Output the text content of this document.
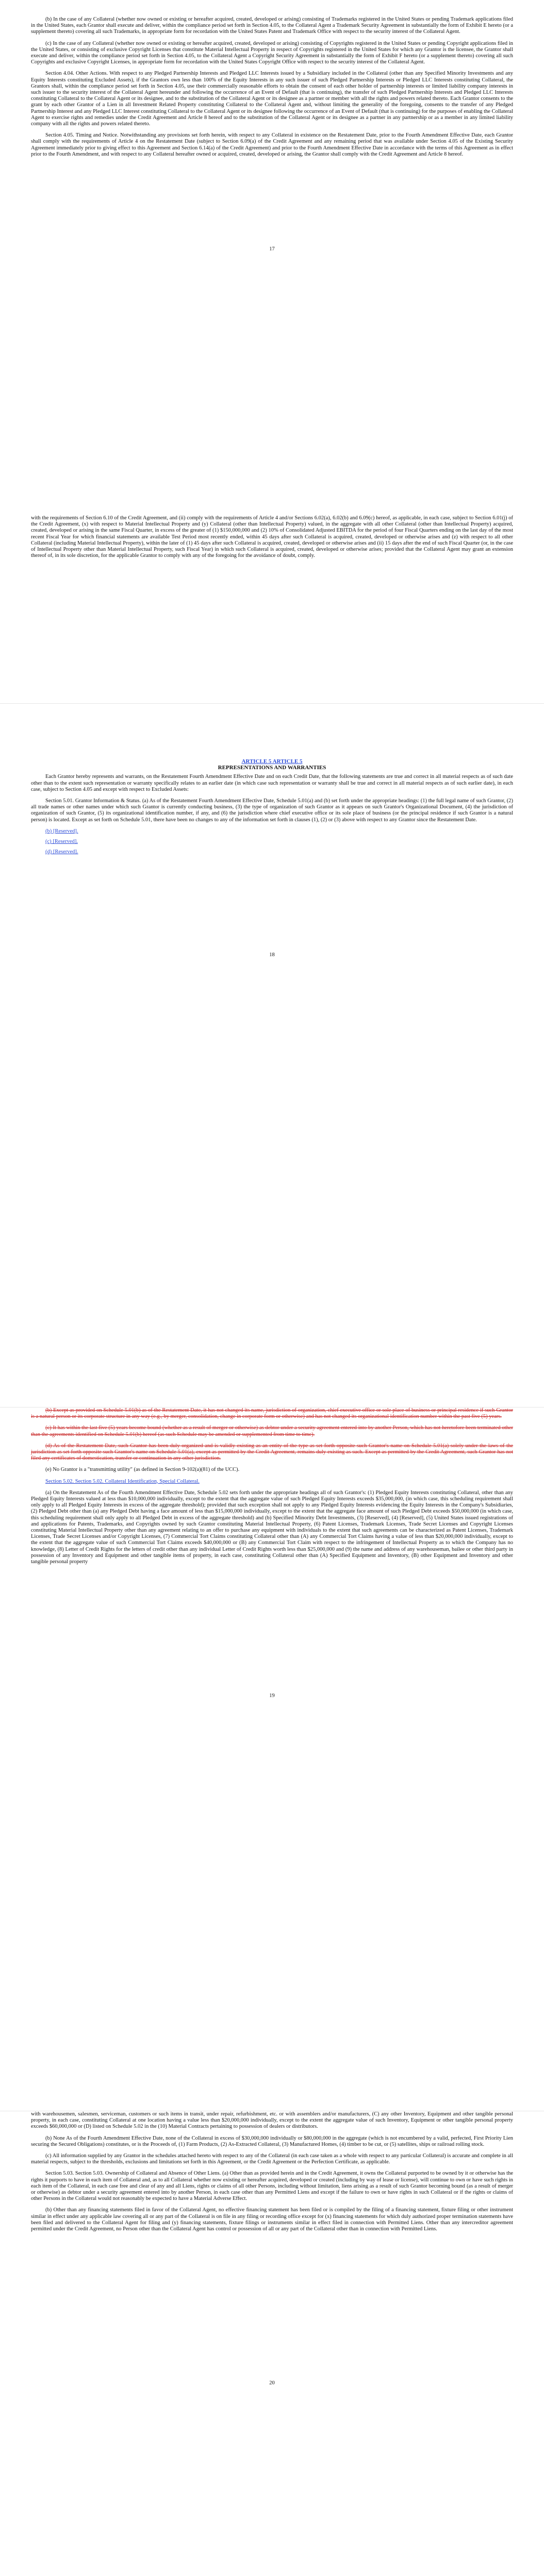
(b) In the case of any Collateral (whether now owned or existing or hereafter acquired, created, developed or arising) consisting of Trademarks registered in the United States or pending Trademark applications filed in the United States, each Grantor shall execute and deliver, within the compliance period set forth in Section 4.05, to the Collateral Agent a Trademark Security Agreement in substantially the form of Exhibit E hereto (or a supplement thereto) covering all such Trademarks, in appropriate form for recordation with the United States Patent and Trademark Office with respect to the security interest of the Collateral Agent.

(c) In the case of any Collateral (whether now owned or existing or hereafter acquired, created, developed or arising) consisting of Copyrights registered in the United States or pending Copyright applications filed in the United States, or consisting of exclusive Copyright Licenses that constitute Material Intellectual Property in respect of Copyrights registered in the United States for which any Grantor is the licensee, the Grantor shall execute and deliver, within the compliance period set forth in Section 4.05, to the Collateral Agent a Copyright Security Agreement in substantially the form of Exhibit F hereto (or a supplement thereto) covering all such Copyrights and exclusive Copyright Licenses, in appropriate form for recordation with the United States Copyright Office with respect to the security interest of the Collateral Agent.

Section 4.04. Other Actions. With respect to any Pledged Partnership Interests and Pledged LLC Interests issued by a Subsidiary included in the Collateral (other than any Specified Minority Investments and any Equity Interests constituting Excluded Assets), if the Grantors own less than 100% of the Equity Interests in any such issuer of such Pledged Partnership Interests or Pledged LLC Interests constituting Collateral, the Grantors shall, within the compliance period set forth in Section 4.05, use their commercially reasonable efforts to obtain the consent of each other holder of partnership interests or limited liability company interests in such issuer to the security interest of the Collateral Agent hereunder and following the occurrence of an Event of Default (that is continuing), the transfer of such Pledged Partnership Interests and Pledged LLC Interests constituting Collateral to the Collateral Agent or its designee, and to the substitution of the Collateral Agent or its designee as a partner or member with all the rights and powers related thereto. Each Grantor consents to the grant by each other Grantor of a Lien in all Investment Related Property constituting Collateral to the Collateral Agent and, without limiting the generality of the foregoing, consents to the transfer of any Pledged Partnership Interest and any Pledged LLC Interest constituting Collateral to the Collateral Agent or its designee following the occurrence of an Event of Default (that is continuing) for the purposes of enabling the Collateral Agent to exercise rights and remedies under the Credit Agreement and Article 8 hereof and to the substitution of the Collateral Agent or its designee as a partner in any partnership or as a member in any limited liability company with all the rights and powers related thereto.

Section 4.05. Timing and Notice. Notwithstanding any provisions set forth herein, with respect to any Collateral in existence on the Restatement Date, prior to the Fourth Amendment Effective Date, each Grantor shall comply with the requirements of Article 4 on the Restatement Date (subject to Section 6.09(a) of the Credit Agreement and any remaining period that was available under Section 4.05 of the Existing Security Agreement immediately prior to giving effect to this Agreement and Section 6.14(a) of the Credit Agreement) and prior to the Fourth Amendment Effective Date in accordance with the terms of this Agreement as in effect prior to the Fourth Amendment, and with respect to any Collateral hereafter owned or acquired, created, developed or arising, the Grantor shall comply with the Credit Agreement and Article 8 hereof.

17

with the requirements of Section 6.10 of the Credit Agreement, and (ii) comply with the requirements of Article 4 and/or Sections 6.02(a), 6.02(b) and 6.09(c) hereof, as applicable, in each case, subject to Section 6.01(j) of the Credit Agreement, (x) with respect to Material Intellectual Property and (y) Collateral (other than Intellectual Property) valued, in the aggregate with all other Collateral (other than Intellectual Property) acquired, created, developed or arising in the same Fiscal Quarter, in excess of the greater of (1) $150,000,000 and (2) 10% of Consolidated Adjusted EBITDA for the period of four Fiscal Quarters ending on the last day of the most recent Fiscal Year for which financial statements are available Test Period most recently ended, within 45 days after such Collateral is acquired, created, developed or otherwise arises and (z) with respect to all other Collateral (including Material Intellectual Property), within the later of (1) 45 days after such Collateral is acquired, created, developed or otherwise arises and (ii) 15 days after the end of such Fiscal Quarter (or, in the case of Intellectual Property other than Material Intellectual Property, such Fiscal Year) in which such Collateral is acquired, created, developed or otherwise arises; provided that the Collateral Agent may grant an extension thereof of, in its sole discretion, for the applicable Grantor to comply with any of the foregoing for the avoidance of doubt, comply.

ARTICLE 5 ARTICLE 5
REPRESENTATIONS AND WARRANTIES

Each Grantor hereby represents and warrants, on the Restatement Fourth Amendment Effective Date and on each Credit Date, that the following statements are true and correct in all material respects as of such date other than to the extent such representation or warranty specifically relates to an earlier date (in which case such representation or warranty shall be true and correct in all material respects as of such earlier date), in each case, subject to Section 4.05 and except with respect to Excluded Assets:

Section 5.01. Grantor Information & Status. (a) As of the Restatement Fourth Amendment Effective Date, Schedule 5.01(a) and (b) set forth under the appropriate headings: (1) the full legal name of such Grantor, (2) all trade names or other names under which such Grantor is currently conducting business, (3) the type of organization of such Grantor as it appears on such Grantor's Organizational Document, (4) the jurisdiction of organization of such Grantor, (5) its organizational identification number, if any, and (6) the jurisdiction where chief executive office or its sole place of business (or the principal residence if such Grantor is a natural person) is located. Except as set forth on Schedule 5.01, there have been no changes to any of the information set forth in clauses (1), (2) or (3) above with respect to any Grantor since the Restatement Date.

(b) [Reserved].
(c) [Reserved].
(d) [Reserved].
18

(b) Except as provided on Schedule 5.01(b) as of the Restatement Date, it has not changed its name, jurisdiction of organization, chief executive office or sole place of business or principal residence if such Grantor is a natural person or its corporate structure in any way (e.g., by merger, consolidation, change in corporate form or otherwise) and has not changed its organizational identification number within the past five (5) years.

(c) It has within the last five (5) years become bound (whether as a result of merger or otherwise) as debtor under a security agreement entered into by another Person, which has not heretofore been terminated other than the agreements identified on Schedule 5.01(b) hereof (as such Schedule may be amended or supplemented from time to time).

(d) As of the Restatement Date, such Grantor has been duly organized and is validly existing as an entity of the type as set forth opposite such Grantor's name on Schedule 5.01(a) solely under the laws of the jurisdiction as set forth opposite such Grantor's name on Schedule 5.01(a), except as permitted by the Credit Agreement, remains duly existing as such. Except as permitted by the Credit Agreement, such Grantor has not filed any certificates of domestication, transfer or continuation in any other jurisdiction.

(e) No Grantor is a "transmitting utility" (as defined in Section 9-102(a)(81) of the UCC).

Section 5.02. Section 5.02. Collateral Identification, Special Collateral.

(a) On the Restatement As of the Fourth Amendment Effective Date, Schedule 5.02 sets forth under the appropriate headings all of such Grantor's: (1) Pledged Equity Interests constituting Collateral, other than any Pledged Equity Interests valued at less than $10,000,000 individually, except to the extent that the aggregate value of such Pledged Equity Interests exceeds $35,000,000, (in which case, this scheduling requirement shall only apply to all Pledged Equity Interests in excess of the aggregate threshold); provided that such exception shall not apply to any Pledged Equity Interests evidencing the Equity Interests in the Company's Subsidiaries, (2) Pledged Debt other than (a) any Pledged Debt having a face amount of less than $15,000,000 individually, except to the extent that the aggregate face amount of such Pledged Debt exceeds $50,000,000 (in which case, this scheduling requirement shall only apply to all Pledged Debt in excess of the aggregate threshold) and (b) Specified Minority Debt Investments, (3) [Reserved], (4) [Reserved], (5) United States issued registrations of and applications for Patents, Trademarks, and Copyrights owned by such Grantor constituting Material Intellectual Property, (6) Patent Licenses, Trademark Licenses, Trade Secret Licenses and Copyright Licenses constituting Material Intellectual Property other than any agreement relating to an offer to purchase any equipment with individuals to the extent that such agreements can be characterized as Patent Licenses, Trademark Licenses, Trade Secret Licenses and/or Copyright Licenses, (7) Commercial Tort Claims constituting Collateral other than (A) any Commercial Tort Claims having a value of less than $20,000,000 individually, except to the extent that the aggregate value of such Commercial Tort Claims exceeds $40,000,000 or (B) any Commercial Tort Claim with respect to the infringement of Intellectual Property as to which the Company has no knowledge, (8) Letter of Credit Rights for the letters of credit other than any individual Letter of Credit Rights worth less than $25,000,000 and (9) the name and address of any warehouseman, bailee or other third party in possession of any Inventory and Equipment and other tangible items of property, in each case, constituting Collateral other than (A) Specified Equipment and Inventory, (B) other Equipment and Inventory and other tangible personal property

19

with warehousemen, salesmen, serviceman, customers or such items in transit, under repair, refurbishment, etc. or with assemblers and/or manufacturers, (C) any other Inventory, Equipment and other tangible personal property, in each case, constituting Collateral at one location having a value less than $20,000,000 individually, except to the extent the aggregate value of such Inventory, Equipment or other tangible personal property exceeds $60,000,000 or (D) listed on Schedule 5.02 in the (10) Material Contracts pertaining to possession of dealers or distributors.

(b) None As of the Fourth Amendment Effective Date, none of the Collateral in excess of $30,000,000 individually or $80,000,000 in the aggregate (which is not encumbered by a valid, perfected, First Priority Lien securing the Secured Obligations) constitutes, or is the Proceeds of, (1) Farm Products, (2) As-Extracted Collateral, (3) Manufactured Homes, (4) timber to be cut, or (5) satellites, ships or railroad rolling stock.

(c) All information supplied by any Grantor in the schedules attached hereto with respect to any of the Collateral (in each case taken as a whole with respect to any particular Collateral) is accurate and complete in all material respects, subject to the thresholds, exclusions and limitations set forth in this Agreement, or the Credit Agreement or the Perfection Certificate, as applicable.

Section 5.03. Section 5.03. Ownership of Collateral and Absence of Other Liens. (a) Other than as provided herein and in the Credit Agreement, it owns the Collateral purported to be owned by it or otherwise has the rights it purports to have in each item of Collateral and, as to all Collateral whether now existing or hereafter acquired, developed or created (including by way of lease or license), will continue to own or have such rights in each item of the Collateral, in each case free and clear of any and all Liens, rights or claims of all other Persons, including without limitation, liens arising as a result of such Grantor becoming bound (as a result of merger or otherwise) as debtor under a security agreement entered into by another Person, in each case other than any Permitted Liens and except if the failure to own or have rights in such Collateral or if the rights or claims of other Persons in the Collateral would not reasonably be expected to have a Material Adverse Effect.

(b) Other than any financing statements filed in favor of the Collateral Agent, no effective financing statement has been filed or is compiled by the filing of a financing statement, fixture filing or other instrument similar in effect under any applicable law covering all or any part of the Collateral is on file in any filing or recording office except for (x) financing statements for which duly authorized proper termination statements have been filed and delivered to the Collateral Agent for filing and (y) financing statements, fixture filings or instruments similar in effect filed in connection with Permitted Liens. Other than any intercreditor agreement permitted under the Credit Agreement, no Person other than the Collateral Agent has control or possession of all or any part of the Collateral other than in connection with Permitted Liens.

20
